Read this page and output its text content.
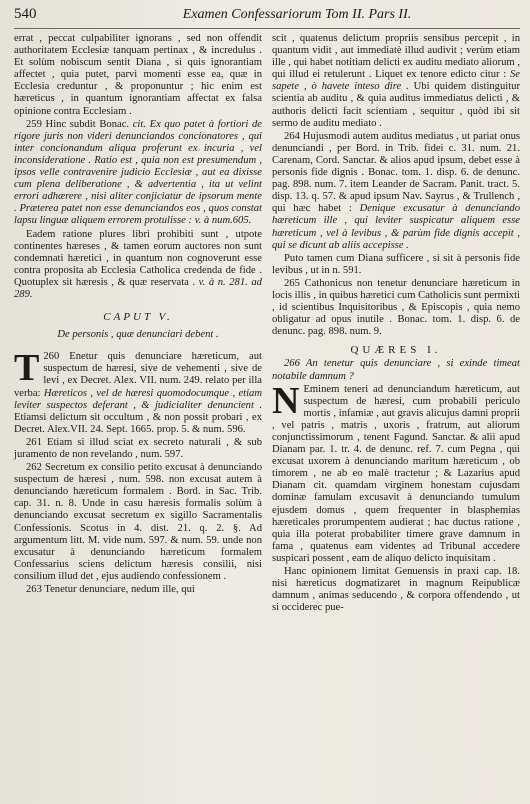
540	Examen Confessariorum Tom II. Pars II.

errat , peccat culpabiliter ignorans , sed non offendit authoritatem Ecclesiæ tanquam pertinax , & incredulus . Et solùm nobiscum sentit Diana , si quis ignorantiam affectet , quia putet, parvi momenti esse ea, quæ in Ecclesia creduntur , & proponuntur ; hic enim est hæreticus , in quantum ignorantiam affectat ex falsa opinione contra Ecclesiam .

259 Hinc subdit Bonac. cit. Ex quo patet à fortiori de rigore juris non videri denunciandos concionatores , qui inter concionandum aliqua proferunt ex incuria , vel inconsideratione . Ratio est , quia non est presumendum , ipsos velle contravenire judicio Ecclesiæ , aut ea dixisse cum plena deliberatione , & advertentia , ita ut velint errori adhærere , nisi aliter conjiciatur de ipsorum mente . Præterea patet non esse denunciandos eos , quos constat lapsu linguæ aliquem errorem protulisse : v. à num.605.

Eadem ratione plures libri prohibiti sunt , utpote continentes hæreses , & tamen eorum auctores non sunt condemnati hæretici , in quantum non cognoverunt esse contra proposita ab Ecclesia Catholica credenda de fide . Quotuplex sit hæresis , & quæ reservata . v. à n. 281. ad 289.

CAPUT V.
De personis , quæ denunciari debent .

260
T	Enetur quis denunciare hæreticum, aut suspectum de hæresi, sive de vehementi , sive de levi , ex Decret. Alex. VII. num. 249. relato per illa verba: Hæreticos , vel de hæresi quomodocumque , etiam leviter suspectos deferant , & judicialiter denuncient . Etiamsi delictum sit occultum , & non possit probari , ex Decret. Alex.VII. 24. Sept. 1665. prop. 5. & num. 596.

261 Etiam si illud sciat ex secreto naturali , & sub juramento de non revelando , num. 597.

262 Secretum ex consilio petito excusat à denunciando suspectum de hæresi , num. 598. non excusat autem à denunciando hæreticum formalem . Bord. in Sac. Trib. cap. 31. n. 8. Unde in casu hæresis formalis solùm à denunciando excusat secretum ex sigillo Sacramentalis Confessionis. Scotus in 4. dist. 21. q. 2. §. Ad argumentum litt. M. vide num. 597. & num. 59. unde non excusatur à denunciando hæreticum formalem Confessarius sciens delictum hæresis consilii, nisi consilium illud det , ejus audiendo confessionem .

263 Tenetur denunciare, nedum ille, qui

scit , quatenus delictum propriis sensibus percepit , in quantum vidit , aut immediatè illud audivit ; verùm etiam ille , qui habet notitiam delicti ex auditu mediato aliorum , qui illud ei retulerunt . Liquet ex tenore edicto citur : Se sapete , ò havete inteso dire . Ubi quidem distinguitur scientia ab auditu , & quia auditus immediatus delicti , & authoris delicti facit scientiam , sequitur , quòd ibi sit sermo de auditu mediato .

264 Hujusmodi autem auditus mediatus , ut pariat onus denunciandi , per Bord. in Trib. fidei c. 31. num. 21. Carenam, Cord. Sanctar. & alios apud ipsum, debet esse à personis fide dignis . Bonac. tom. 1. disp. 6. de denunc. pag. 898. num. 7. item Leander de Sacram. Panit. tract. 5. disp. 13. q. 57. & apud ipsum Nav. Sayrus , & Trullench , qui hæc habet : Denique excusatur à denunciando hæreticum ille , qui leviter suspicatur aliquem esse hæreticum , vel à levibus , & parùm fide dignis accepit , qui se dicunt ab aliis accepisse .

Puto tamen cum Diana sufficere , si sit à personis fide levibus , ut in n. 591.

265 Cathonicus non tenetur denunciare hæreticum in locis illis , in quibus hæretici cum Catholicis sunt permixti , id scientibus Inquisitoribus , & Episcopis , quia nemo obligatur ad opus inutile . Bonac. tom. 1. disp. 6. de denunc. pag. 898. num. 9.

QUÆRES I.

266 An tenetur quis denunciare , si exinde timeat notabile damnum ?

N Eminem teneri ad denunciandum hæreticum, aut suspectum de hæresi, cum probabili periculo mortis , infamiæ , aut gravis alicujus damni proprii , vel patris , matris , uxoris , fratrum, aut aliorum conjunctissimorum , tenent Fagund. Sanctar. & alii apud Dianam par. 1. tr. 4. de denunc. ref. 7. cum Pegna , qui excusat uxorem à denunciando maritum hæreticum , ob timorem , ne ab eo malè tractetur ; & Lazarius apud Dianam cit. quamdam virginem honestam cujusdam dominæ famulam excusavit à denunciando tumulum ejusdem domus , quem frequenter in blasphemias hæreticales prorumpentem audierat ; hac ductus ratione , quia illa poterat probabiliter timere grave damnum in fama , quatenus eam videntes ad Tribunal accedere suspicari possent , eam de aliquo delicto inquisitam .

Hanc opinionem limitat Genuensis in praxi cap. 18. nisi hæreticus dogmatizaret in magnum Reipublicæ damnum , animas seducendo , & corpora offendendo , ut si occiderec pue-
